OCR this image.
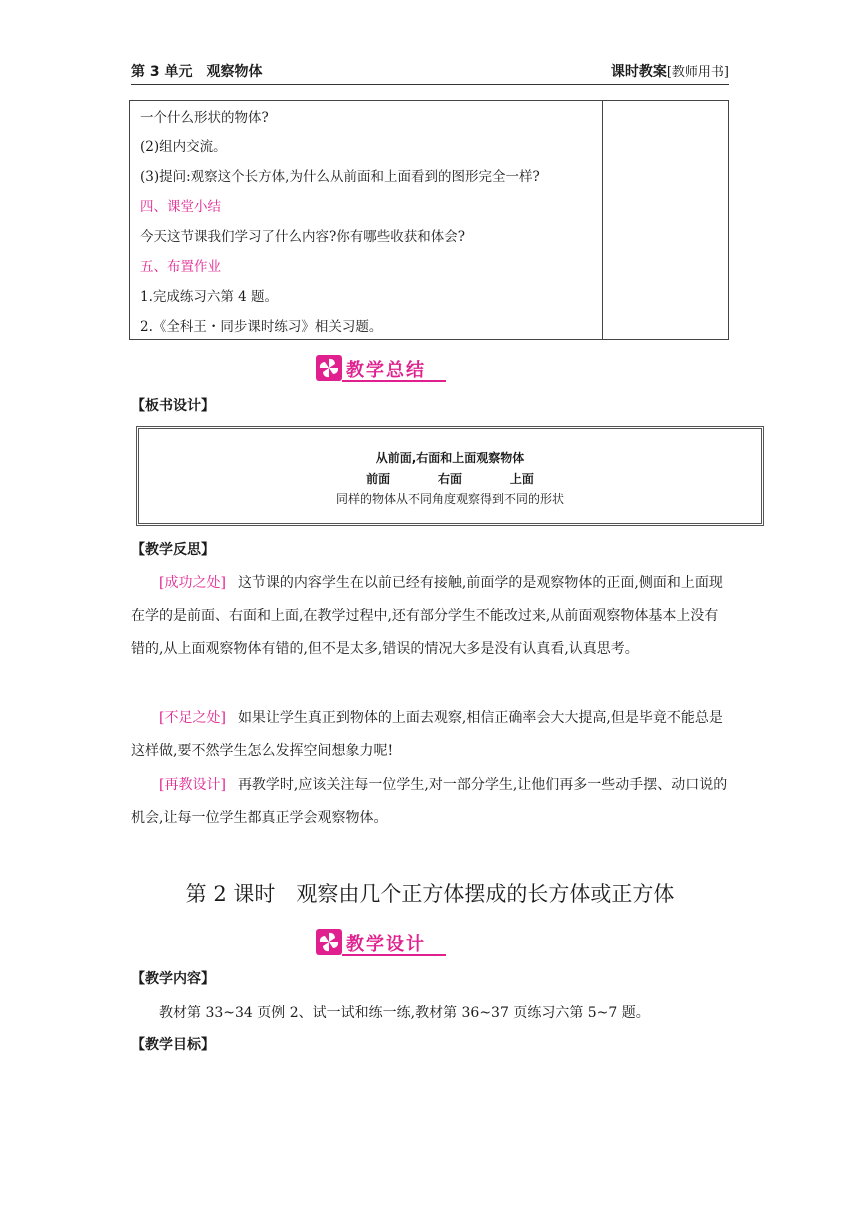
第 3 单元　观察物体	课时教案[教师用书]
一个什么形状的物体?
(2)组内交流。
(3)提问:观察这个长方体,为什么从前面和上面看到的图形完全一样?
四、课堂小结
今天这节课我们学习了什么内容?你有哪些收获和体会?
五、布置作业
1.完成练习六第 4 题。
2.《全科王・同步课时练习》相关习题。
教学总结
【板书设计】
从前面,右面和上面观察物体
前面	右面	上面
同样的物体从不同角度观察得到不同的形状
【教学反思】

[成功之处] 这节课的内容学生在以前已经有接触,前面学的是观察物体的正面,侧面和上面现在学的是前面、右面和上面,在教学过程中,还有部分学生不能改过来,从前面观察物体基本上没有错的,从上面观察物体有错的,但不是太多,错误的情况大多是没有认真看,认真思考。

[不足之处] 如果让学生真正到物体的上面去观察,相信正确率会大大提高,但是毕竟不能总是这样做,要不然学生怎么发挥空间想象力呢!

[再教设计] 再教学时,应该关注每一位学生,对一部分学生,让他们再多一些动手摆、动口说的机会,让每一位学生都真正学会观察物体。

第 2 课时　观察由几个正方体摆成的长方体或正方体
教学设计
【教学内容】
教材第 33~34 页例 2、试一试和练一练,教材第 36~37 页练习六第 5~7 题。
【教学目标】
